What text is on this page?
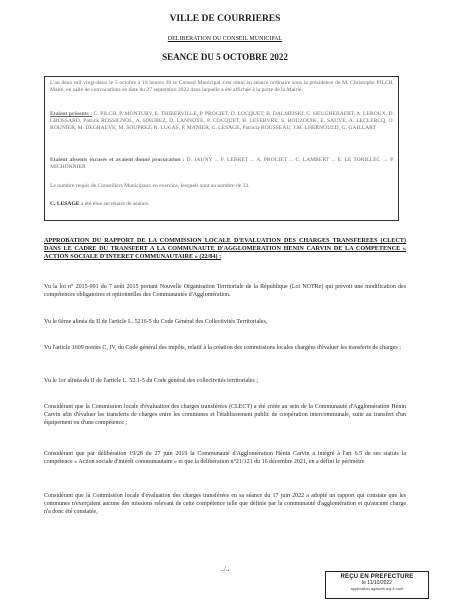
VILLE DE COURRIERES
DELIBERATION DU CONSEIL MUNICIPAL
SEANCE DU 5 OCTOBRE 2022
L'an deux mil vingt-deux le 5 octobre à 18 heures 30 le Conseil Municipal s'est réuni en séance ordinaire sous la présidence de M. Christophe PILCH, Maire, en salle de convocations en date du 27 septembre 2022 dans laquelle a été affichée à la porte de la Mairie.
Etaient présents : C. PILCH, P. MONTURY, E. THIBERVILLE, P. PROCIET, D. LOCQUET, B. DALMEISKI, C. HEUGHEBAERT, A. LEROUX, D. GROSSARD, Patrick ROSSIGNOL, A. HAUREZ, D. LANNOYE, P. COCQUET, B. LEFEBVRE, S. BOUZOUIK, E. SAUVE, A. LECLERCQ, O. ROUNIER, M. DEGRAEVE, M. SOUPREZ, R. LUCAS, P. MANIER, C. LESAGE, Patricia ROUSSEAU, J.M. LHERNOULD, G. GAILLART
Etaient absents excusés et avaient donné procuration : D. JAUNY ... F. LEBRET ... A. PROCIET ... C. LAMBERT ... E. LE TORILLEC → P. MICHONNIER
Le nombre requis de Conseillers Municipaux en exercice, lesquels sont au nombre de 33.
C. LESAGE a été élue secrétaire de séance.
APPROBATION DU RAPPORT DE LA COMMISSION LOCALE D'EVALUATION DES CHARGES TRANSFEREES (CLECT) DANS LE CADRE DU TRANSFERT A LA COMMUNAUTE D'AGGLOMERATION HENIN CARVIN DE LA COMPETENCE « ACTION SOCIALE D'INTERET COMMUNAUTAIRE » (22/84) :
Vu la loi n° 2015-991 du 7 août 2015 portant Nouvelle Organisation Territoriale de la République (Loi NOTRe) qui prévoit une modification des compétences obligatoires et optionnelles des Communautés d'Agglomération.
Vu le 6ème alinéa du II de l'article L. 5216-5 du Code Général des Collectivités Territoriales,
Vu l'article 1609 nonies C, IV, du Code général des impôts, relatif à la création des commissions locales chargées d'évaluer les transferts de charges ;
Vu le 1er alinéa du II de l'article L. 52.1-5 du Code général des collectivités territoriales ;
Considérant que la Commission locale d'évaluation des charges transférées (CLECT) a été créée au sein de la Communauté d'Agglomération Hénin Carvin afin d'évaluer les transferts de charges entre les communes et l'établissement public de coopération intercommunale, suite au transfert d'un équipement ou d'une compétence ;
Considérant que par délibération 19/28 du 27 juin 2019 la Communauté d'Agglomération Hénin Carvin a intégré à l'art 6.5 de ses statuts la compétence « Action sociale d'intérêt communautaire » et que la délibération n°21/121 du 16 décembre 2021, en a défini le périmètre
Considérant que la Commission locale d'évaluation des charges transférées en sa séance du 17 juin 2022 a adopté un rapport qui constate que les communes n'exerçaient aucune des missions relevant de cette compétence telle que définie par la communauté d'agglomération et qu'aucune charge n'a donc été constatée,
../..
REÇU EN PREFECTURE
le 11/10/2022
application.agaweb.eqi.fr.com
